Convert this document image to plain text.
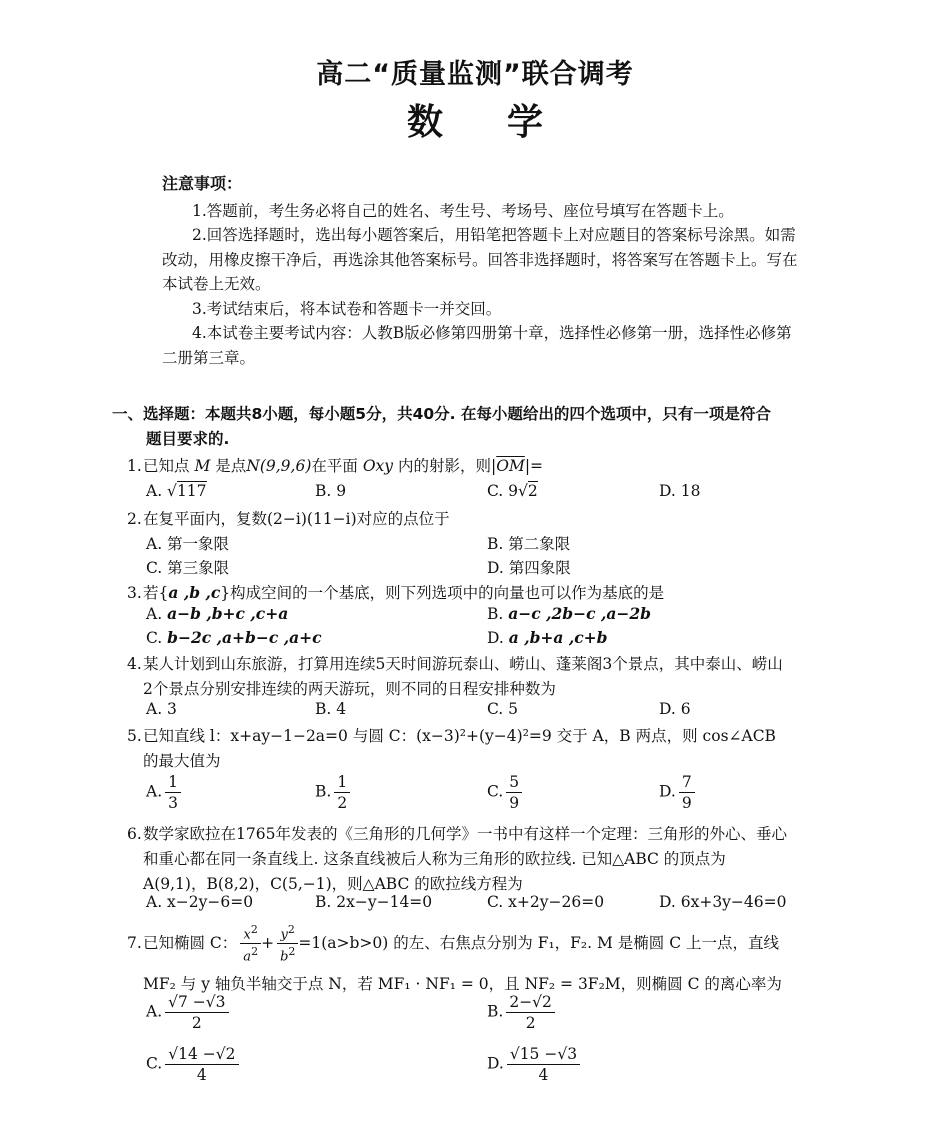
高二“质量监测”联合调考
数学
注意事项：

1.答题前，考生务必将自己的姓名、考生号、考场号、座位号填写在答题卡上。

2.回答选择题时，选出每小题答案后，用铅笔把答题卡上对应题目的答案标号涂黑。如需改动，用橡皮擦干净后，再选涂其他答案标号。回答非选择题时，将答案写在答题卡上。写在本试卷上无效。

3.考试结束后，将本试卷和答题卡一并交回。

4.本试卷主要考试内容：人教B版必修第四册第十章，选择性必修第一册，选择性必修第二册第三章。

一、选择题：本题共8小题，每小题5分，共40分. 在每小题给出的四个选项中，只有一项是符合
题目要求的.
1.已知点 M 是点N(9,9,6)在平面 Oxy 内的射影，则$|\overline{OM}|=$
A. √117	B. 9	C. 9√2	D. 18
2.在复平面内，复数(2−i)(11−i)对应的点位于
A. 第一象限	B. 第二象限
C. 第三象限	D. 第四象限
3.若{a ,b ,c}构成空间的一个基底，则下列选项中的向量也可以作为基底的是
A. a−b ,b+c ,c+a	B. a−c ,2b−c ,a−2b
C. b−2c ,a+b−c ,a+c	D. a ,b+a ,c+b
4.某人计划到山东旅游，打算用连续5天时间游玩泰山、崂山、蓬莱阁3个景点，其中泰山、崂山
2个景点分别安排连续的两天游玩，则不同的日程安排种数为
A. 3	B. 4	C. 5	D. 6
5.已知直线 l：x+ay−1−2a=0 与圆 C：(x−3)²+(y−4)²=9 交于 A，B 两点，则 cos∠ACB
的最大值为
A. $\frac{1}{3}$	B. $\frac{1}{2}$	C. $\frac{5}{9}$	D. $\frac{7}{9}$
6.数学家欧拉在1765年发表的《三角形的几何学》一书中有这样一个定理：三角形的外心、垂心
和重心都在同一条直线上. 这条直线被后人称为三角形的欧拉线. 已知△ABC 的顶点为
A(9,1)，B(8,2)，C(5,−1)，则△ABC 的欧拉线方程为
A. x−2y−6=0	B. 2x−y−14=0	C. x+2y−26=0	D. 6x+3y−46=0
7.已知椭圆 C： $\frac{x^2}{a^2} + \frac{y^2}{b^2} =1(a>b>0)$ 的左、右焦点分别为 F₁，F₂. M 是椭圆 C 上一点，直线
MF₂ 与 y 轴负半轴交于点 N，若 MF₁ · NF₁ = 0，且 NF₂ = 3F₂M，则椭圆 C 的离心率为
A. $\frac{√7 -√3}{2}$	B. $\frac{2-√2}{2}$
C. $\frac{√14 -√2}{4}$	D. $\frac{√15 -√3}{4}$
